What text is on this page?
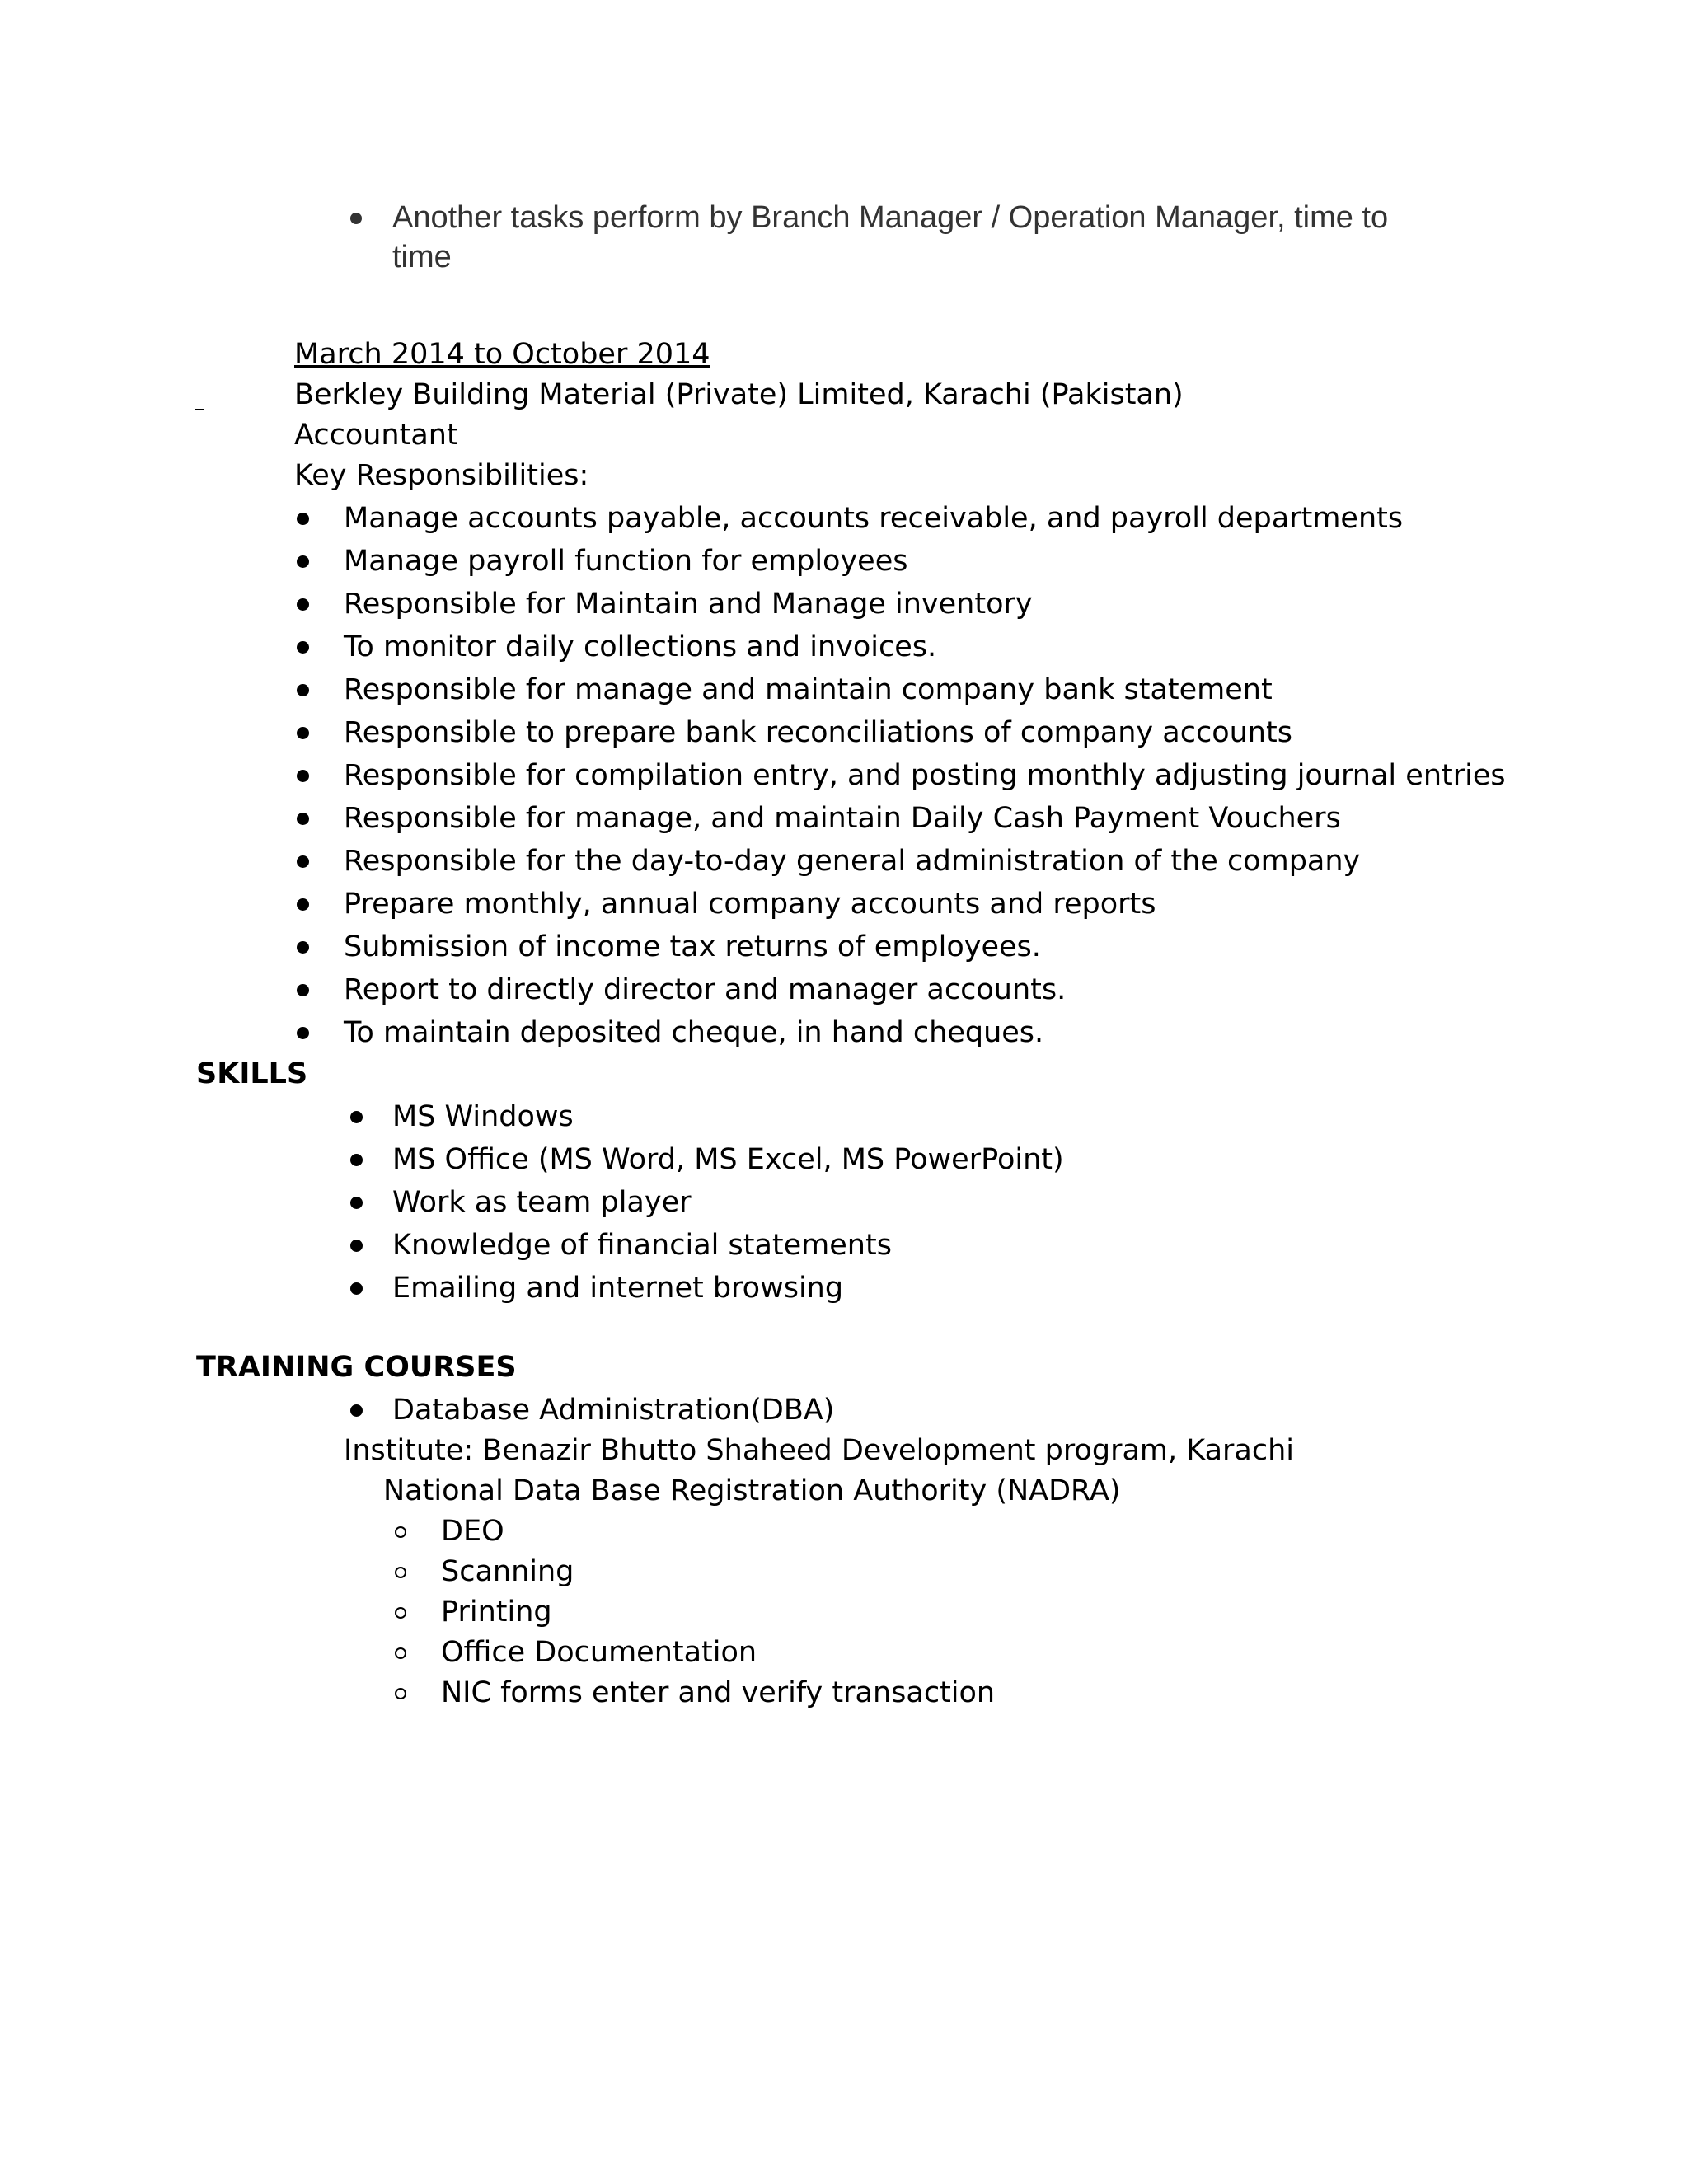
Another tasks perform by Branch Manager / Operation Manager, time to
time
March 2014 to October 2014
Berkley Building Material (Private) Limited, Karachi (Pakistan)
Accountant
Key Responsibilities:
Manage accounts payable, accounts receivable, and payroll departments
Manage payroll function for employees
Responsible for Maintain and Manage inventory
To monitor daily collections and invoices.
Responsible for manage and maintain company bank statement
Responsible to prepare bank reconciliations of company accounts
Responsible for compilation entry, and posting monthly adjusting journal entries
Responsible for manage, and maintain Daily Cash Payment Vouchers
Responsible for the day-to-day general administration of the company
Prepare monthly, annual company accounts and reports
Submission of income tax returns of employees.
Report to directly director and manager accounts.
To maintain deposited cheque, in hand cheques.
SKILLS
MS Windows
MS Office (MS Word, MS Excel, MS PowerPoint)
Work as team player
Knowledge of financial statements
Emailing and internet browsing
TRAINING COURSES
Database Administration(DBA)
Institute: Benazir Bhutto Shaheed Development program, Karachi
National Data Base Registration Authority (NADRA)
DEO
Scanning
Printing
Office Documentation
NIC forms enter and verify transaction
